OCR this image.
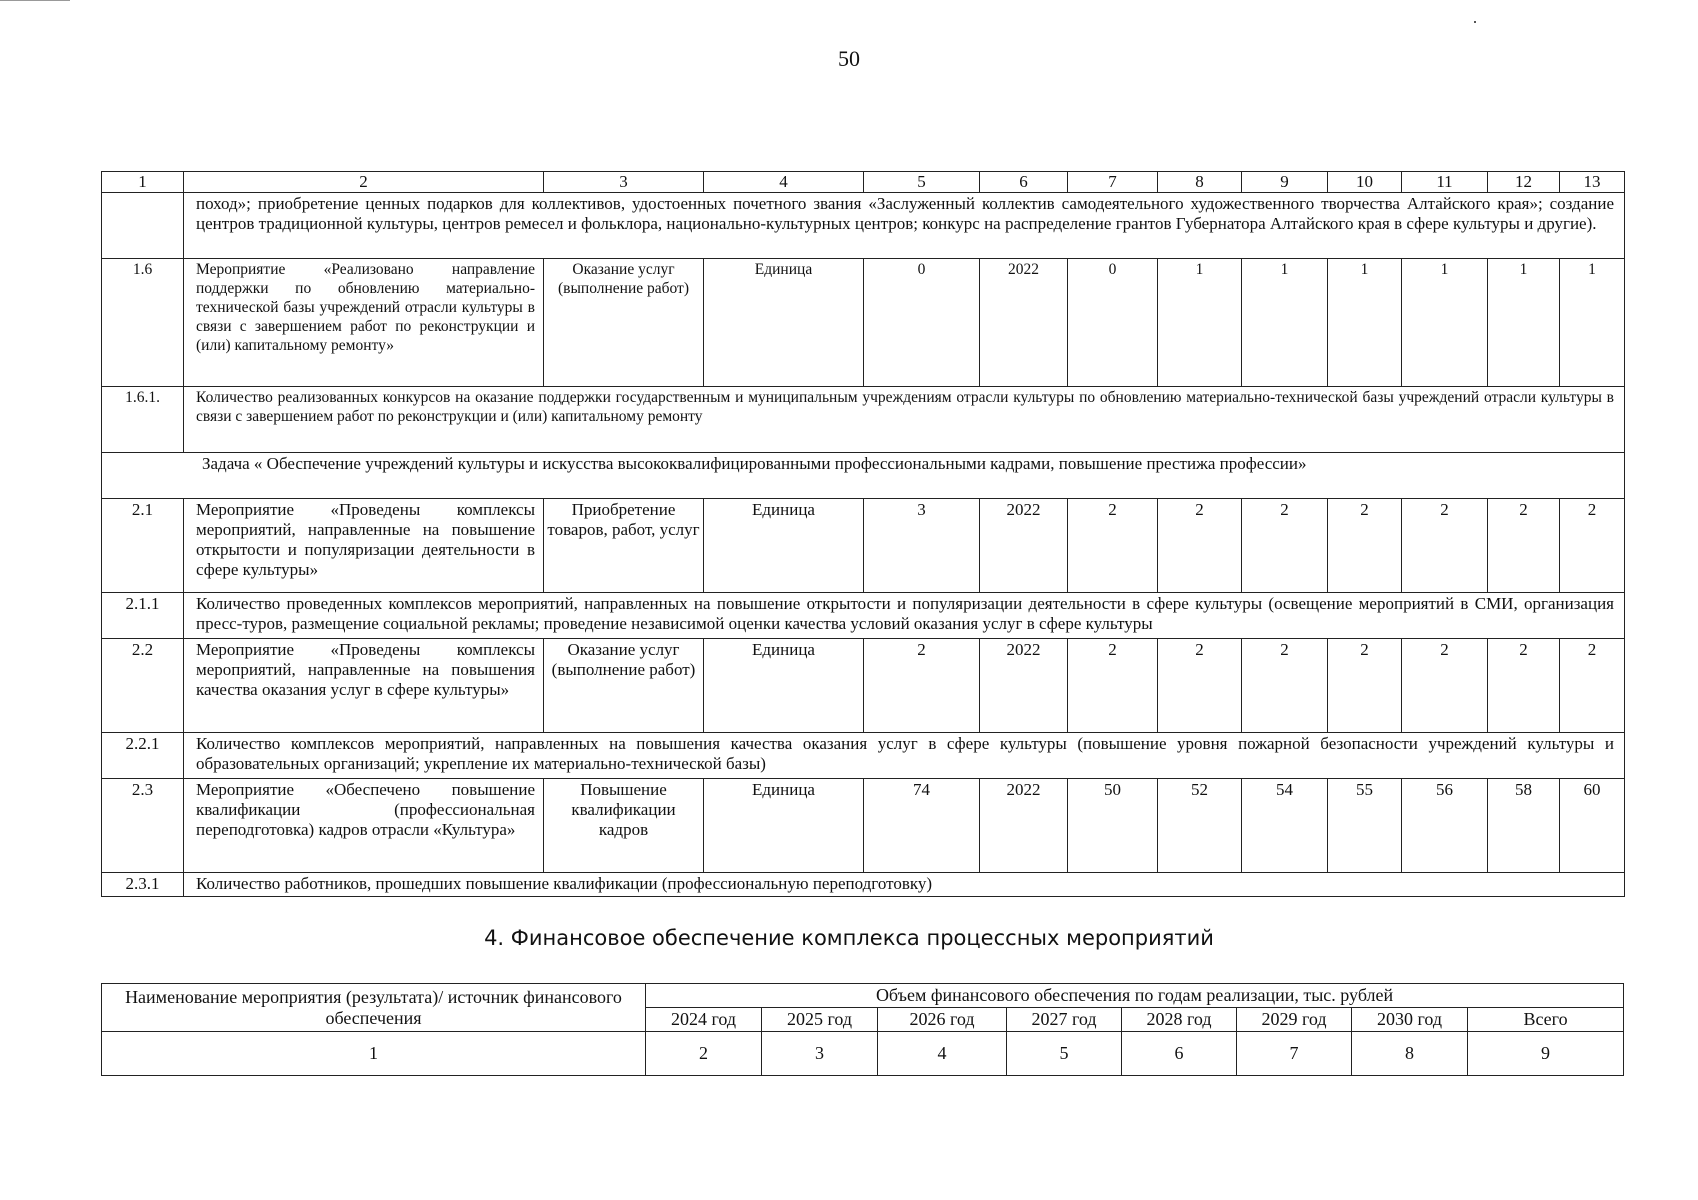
50
1	2	3	4	5	6	7	8	9	10	11	12	13
	поход»; приобретение ценных подарков для коллективов, удостоенных почетного звания «Заслуженный коллектив самодеятельного художественного творчества Алтайского края»; создание центров традиционной культуры, центров ремесел и фольклора, национально-культурных центров; конкурс на распределение грантов Губернатора Алтайского края в сфере культуры и другие).											
1.6	Мероприятие «Реализовано направление поддержки по обновлению материально-технической базы учреждений отрасли культуры в связи с завершением работ по реконструкции и (или) капитальному ремонту»	Оказание услуг (выполнение работ)	Единица	0	2022	0	1	1	1	1	1	1
1.6.1.	Количество реализованных конкурсов на оказание поддержки государственным и муниципальным учреждениям отрасли культуры по обновлению материально-технической базы учреждений отрасли культуры в связи с завершением работ по реконструкции и (или) капитальному ремонту											
Задача « Обеспечение учреждений культуры и искусства высококвалифицированными профессиональными кадрами, повышение престижа профессии»												
2.1	Мероприятие «Проведены комплексы мероприятий, направленные на повышение открытости и популяризации деятельности в сфере культуры»	Приобретение товаров, работ, услуг	Единица	3	2022	2	2	2	2	2	2	2
2.1.1	Количество проведенных комплексов мероприятий, направленных на повышение открытости и популяризации деятельности в сфере культуры (освещение мероприятий в СМИ, организация пресс-туров, размещение социальной рекламы; проведение независимой оценки качества условий оказания услуг в сфере культуры											
2.2	Мероприятие «Проведены комплексы мероприятий, направленные на повышения качества оказания услуг в сфере культуры»	Оказание услуг (выполнение работ)	Единица	2	2022	2	2	2	2	2	2	2
2.2.1	Количество комплексов мероприятий, направленных на повышения качества оказания услуг в сфере культуры (повышение уровня пожарной безопасности учреждений культуры и образовательных организаций; укрепление их материально-технической базы)											
2.3	Мероприятие «Обеспечено повышение квалификации (профессиональная переподготовка) кадров отрасли «Культура»	Повышение квалификации кадров	Единица	74	2022	50	52	54	55	56	58	60
2.3.1	Количество работников, прошедших повышение квалификации (профессиональную переподготовку)											
4. Финансовое обеспечение комплекса процессных мероприятий
Наименование мероприятия (результата)/ источник финансового обеспечения	Объем финансового обеспечения по годам реализации, тыс. рублей							
	2024 год	2025 год	2026 год	2027 год	2028 год	2029 год	2030 год	Всего
1	2	3	4	5	6	7	8	9
